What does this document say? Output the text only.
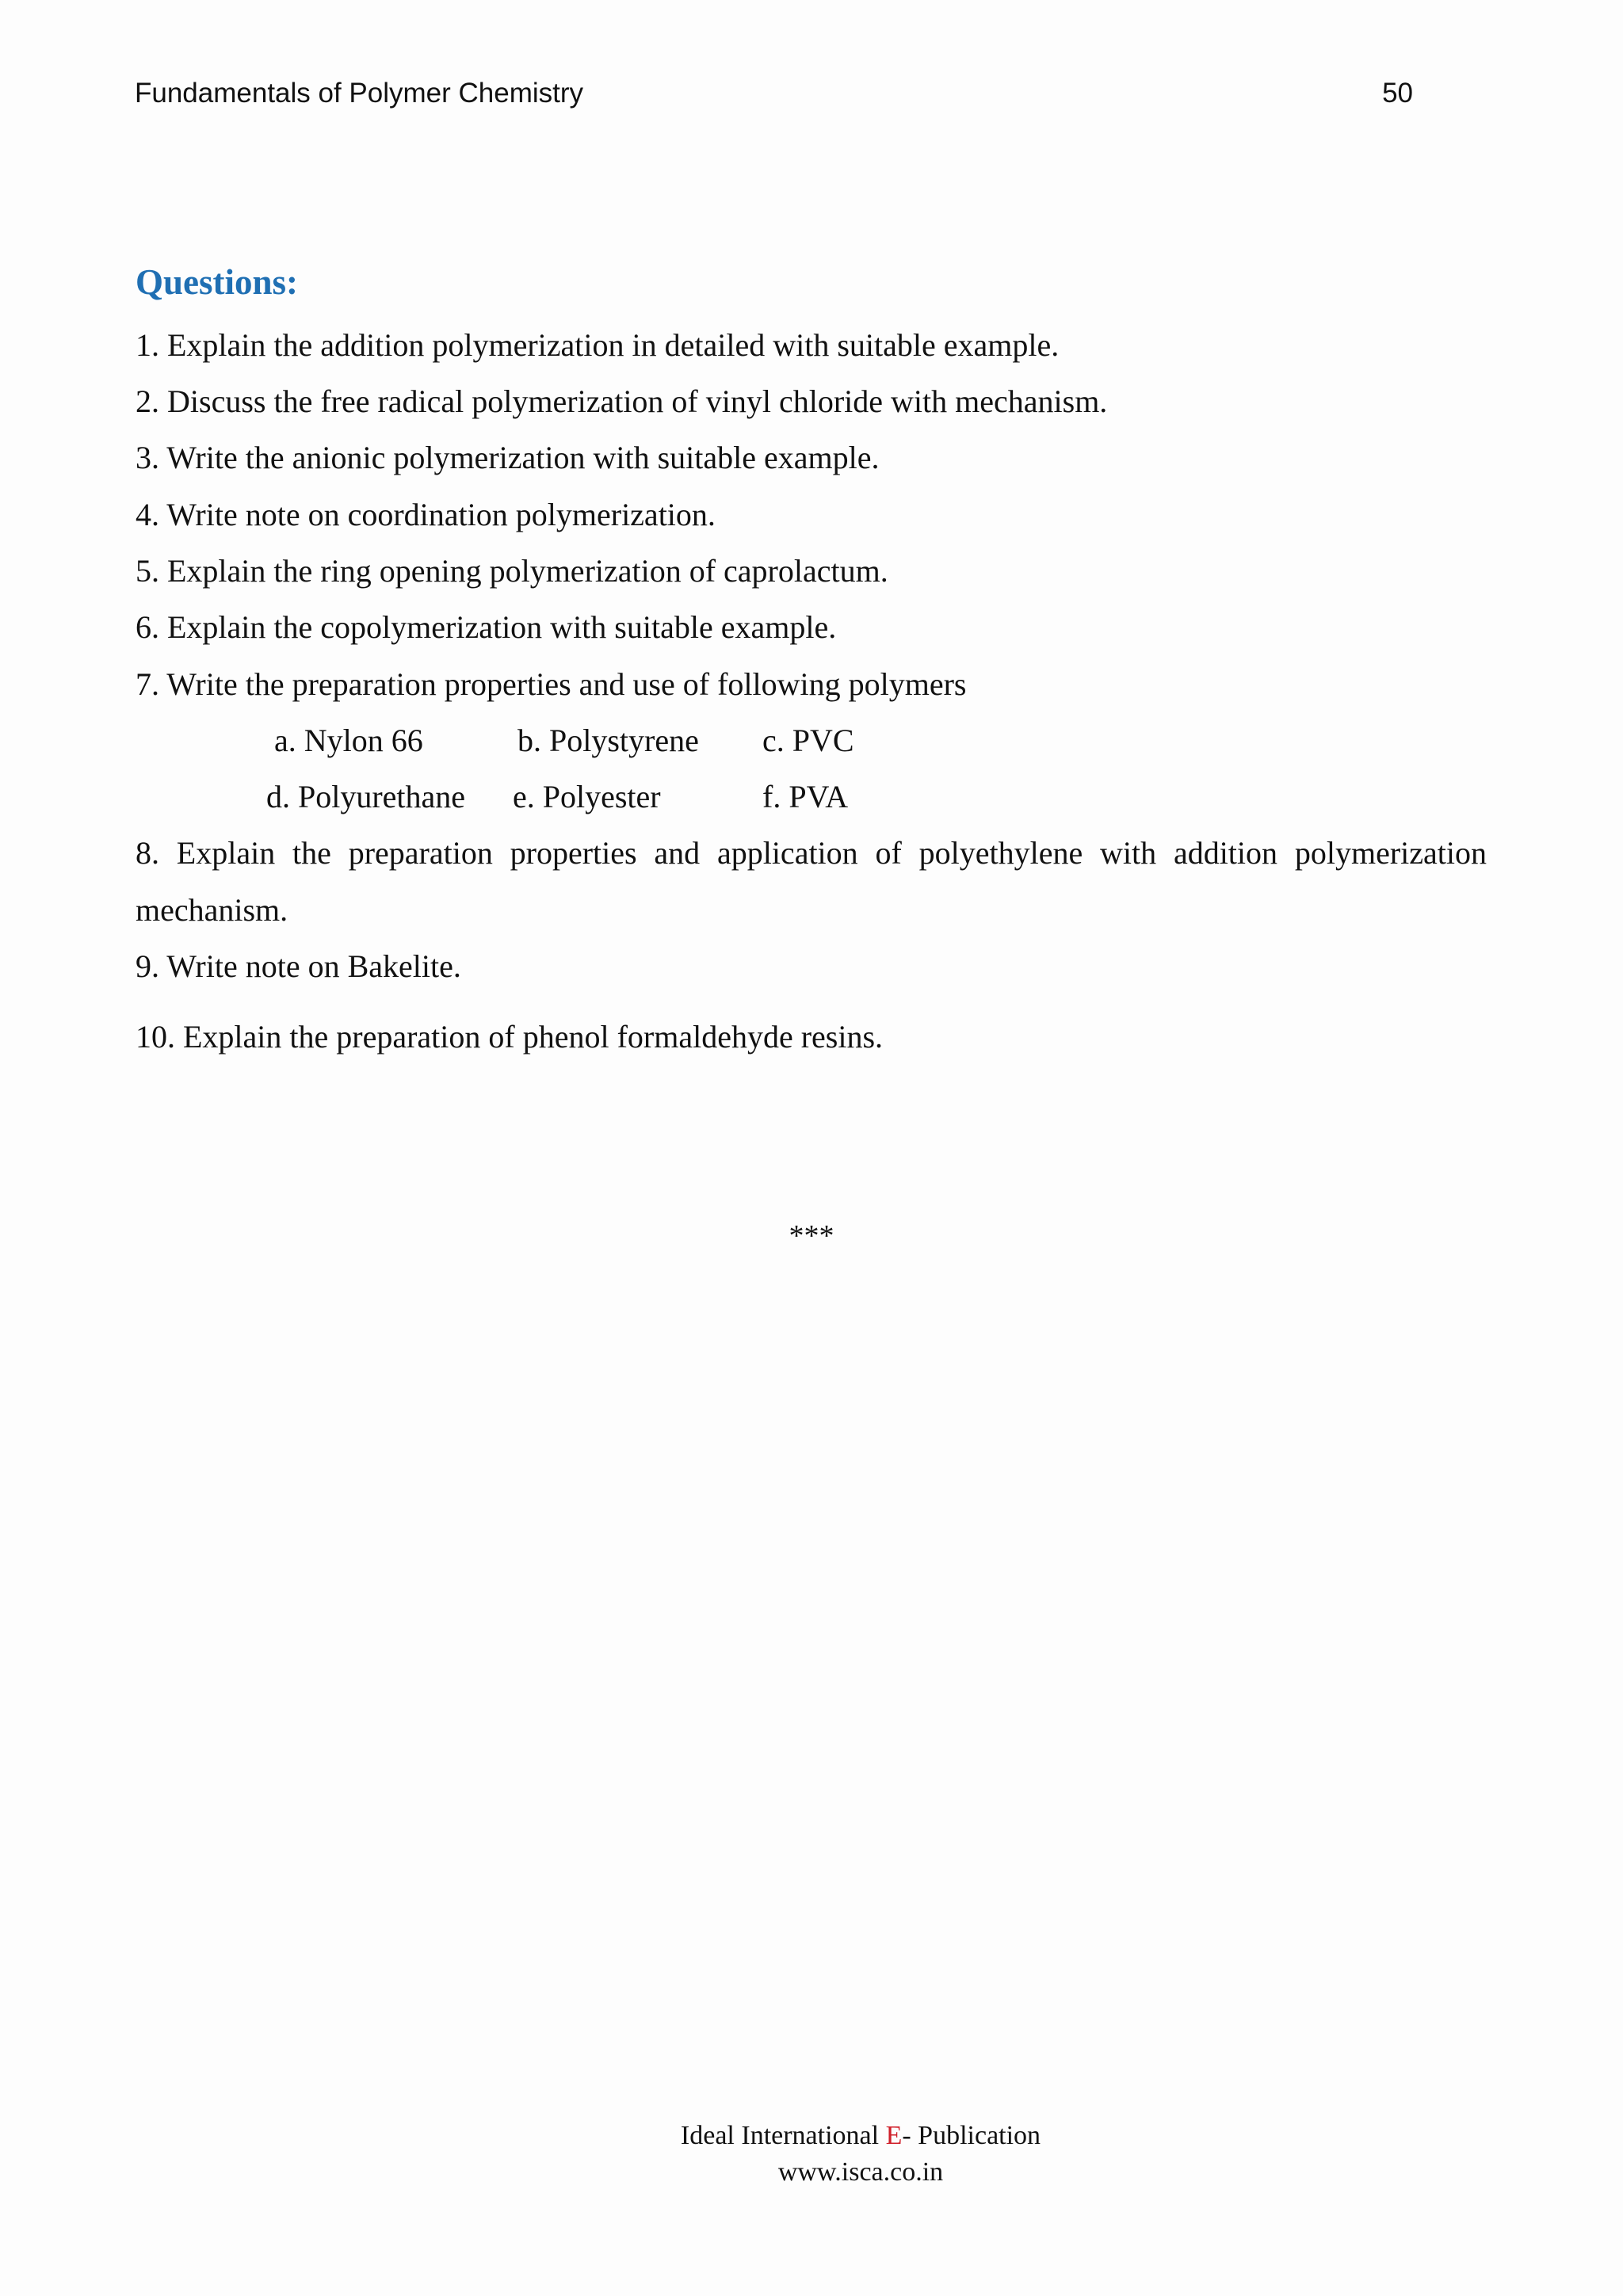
Fundamentals of Polymer Chemistry	50
Questions:
1. Explain the addition polymerization in detailed with suitable example.
2. Discuss the free radical polymerization of vinyl chloride with mechanism.
3. Write the anionic polymerization with suitable example.
4. Write note on coordination polymerization.
5. Explain the ring opening polymerization of caprolactum.
6. Explain the copolymerization with suitable example.
7. Write the preparation properties and use of following polymers
a. Nylon 66	b. Polystyrene c. PVC
d. Polyurethane e. Polyester	f. PVA
8. Explain the preparation properties and application of polyethylene with addition polymerization
mechanism.
9. Write note on Bakelite.
10. Explain the preparation of phenol formaldehyde resins.
***
Ideal International E- Publication
www.isca.co.in
